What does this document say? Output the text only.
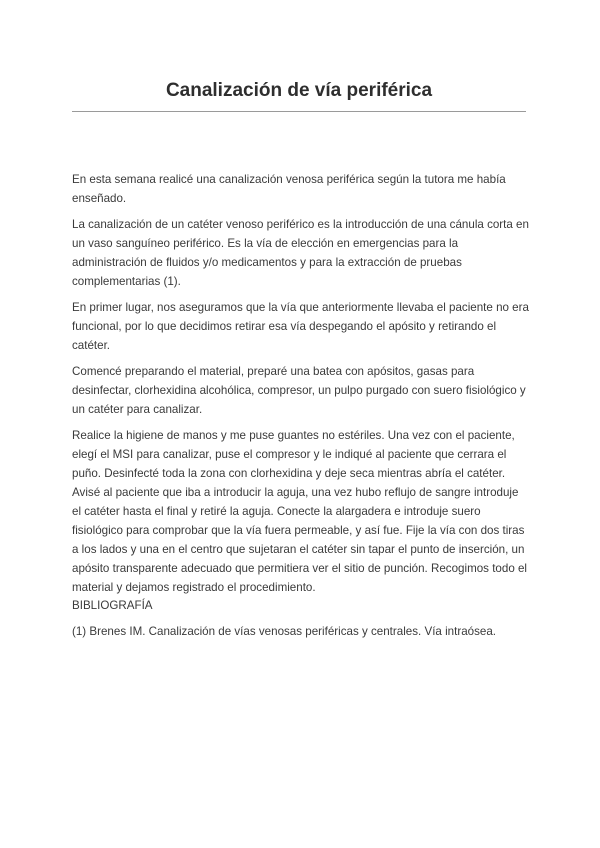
Canalización de vía periférica

En esta semana realicé una canalización venosa periférica según la tutora me había enseñado.

La canalización de un catéter venoso periférico es la introducción de una cánula corta en un vaso sanguíneo periférico. Es la vía de elección en emergencias para la administración de fluidos y/o medicamentos y para la extracción de pruebas complementarias (1).

En primer lugar, nos aseguramos que la vía que anteriormente llevaba el paciente no era funcional, por lo que decidimos retirar esa vía despegando el apósito y retirando el catéter.

Comencé preparando el material, preparé una batea con apósitos, gasas para desinfectar, clorhexidina alcohólica, compresor, un pulpo purgado con suero fisiológico y un catéter para canalizar.

Realice la higiene de manos y me puse guantes no estériles. Una vez con el paciente, elegí el MSI para canalizar, puse el compresor y le indiqué al paciente que cerrara el puño. Desinfecté toda la zona con clorhexidina y deje seca mientras abría el catéter. Avisé al paciente que iba a introducir la aguja, una vez hubo reflujo de sangre introduje el catéter hasta el final y retiré la aguja. Conecte la alargadera e introduje suero fisiológico para comprobar que la vía fuera permeable, y así fue. Fije la vía con dos tiras a los lados y una en el centro que sujetaran el catéter sin tapar el punto de inserción, un apósito transparente adecuado que permitiera ver el sitio de punción. Recogimos todo el material y dejamos registrado el procedimiento.

BIBLIOGRAFÍA

(1) Brenes IM. Canalización de vías venosas periféricas y centrales. Vía intraósea.
